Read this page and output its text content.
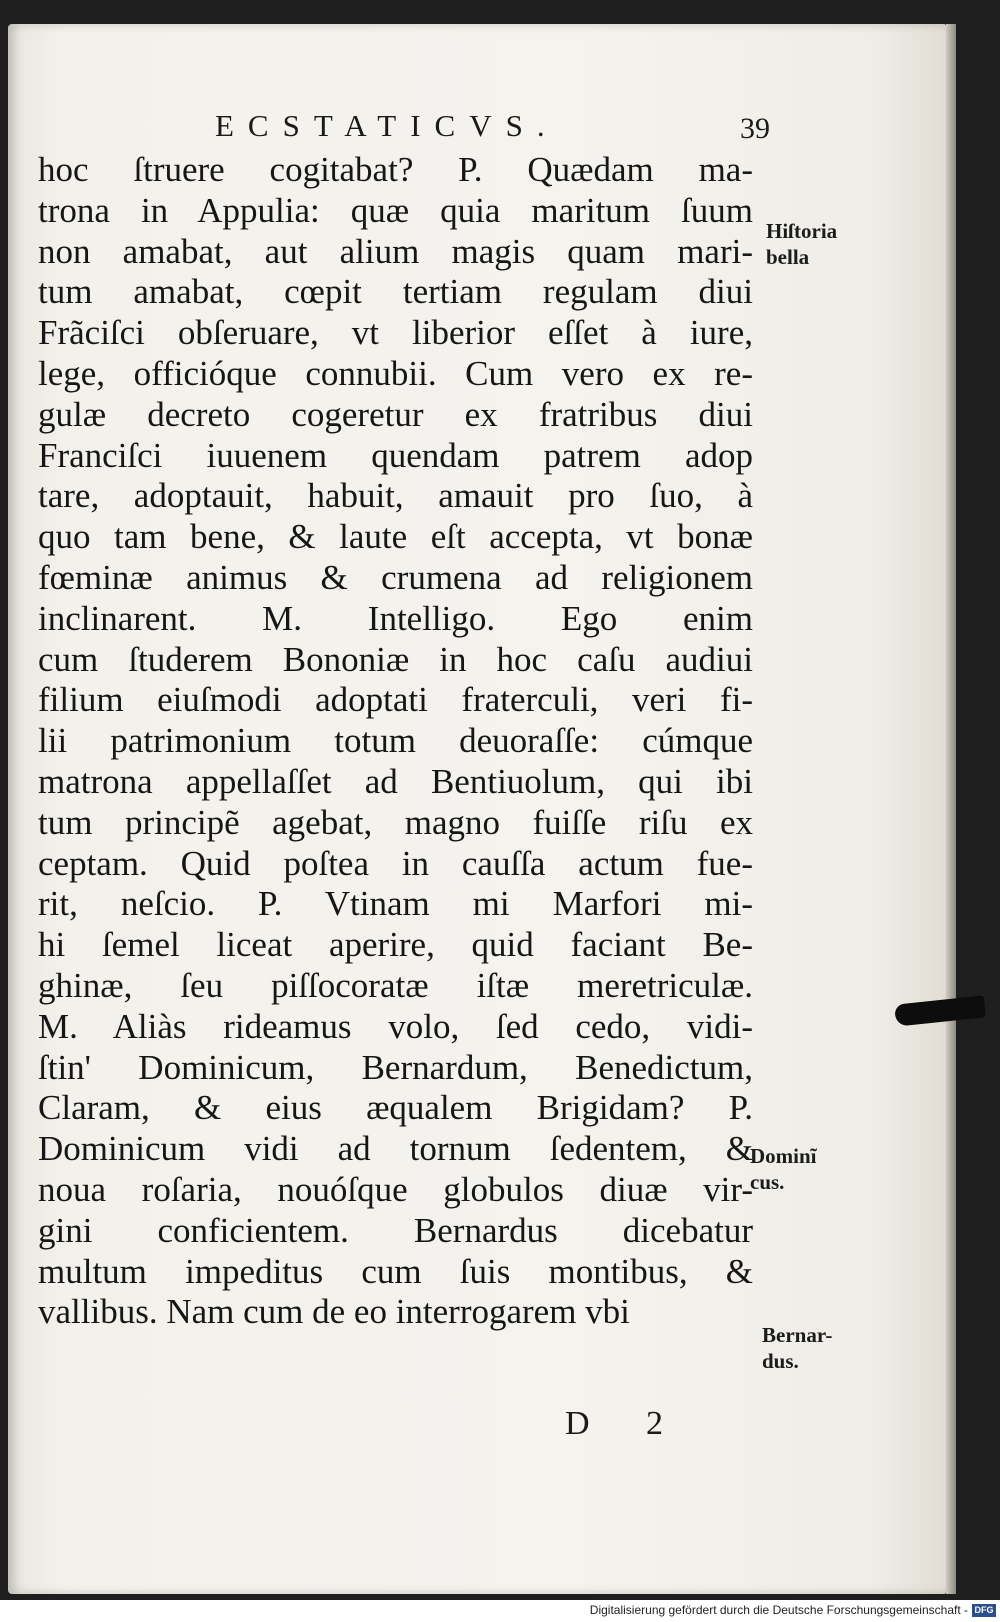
ECSTATICVS.	39
hoc ſtruere cogitabat? P. Quædam ma-
trona in Appulia: quæ quia maritum ſuum
non amabat, aut alium magis quam mari-
tum amabat, cœpit tertiam regulam diui
Frãciſci obſeruare, vt liberior eſſet à iure,
lege, officióque connubii. Cum vero ex re-
gulæ decreto cogeretur ex fratribus diui
Franciſci iuuenem quendam patrem adop
tare, adoptauit, habuit, amauit pro ſuo, à
quo tam bene, & laute eſt accepta, vt bonæ
fœminæ animus & crumena ad religionem
inclinarent. M. Intelligo. Ego enim
cum ſtuderem Bononiæ in hoc caſu audiui
filium eiuſmodi adoptati fraterculi, veri fi-
lii patrimonium totum deuoraſſe: cúmque
matrona appellaſſet ad Bentiuolum, qui ibi
tum principẽ agebat, magno fuiſſe riſu ex
ceptam. Quid poſtea in cauſſa actum fue-
rit, neſcio. P. Vtinam mi Marfori mi-
hi ſemel liceat aperire, quid faciant Be-
ghinæ, ſeu piſſocoratæ iſtæ meretriculæ.
M. Aliàs rideamus volo, ſed cedo, vidi-
ſtin' Dominicum, Bernardum, Benedictum,
Claram, & eius æqualem Brigidam? P.
Dominicum vidi ad tornum ſedentem, &
noua roſaria, nouóſque globulos diuæ vir-
gini conficientem. Bernardus dicebatur
multum impeditus cum ſuis montibus, &
vallibus. Nam cum de eo interrogarem vbi
Hiſtoria
bella
Dominĩ
cus.
Bernar-
dus.
D 2
Digitalisierung gefördert durch die Deutsche Forschungsgemeinschaft - DFG
